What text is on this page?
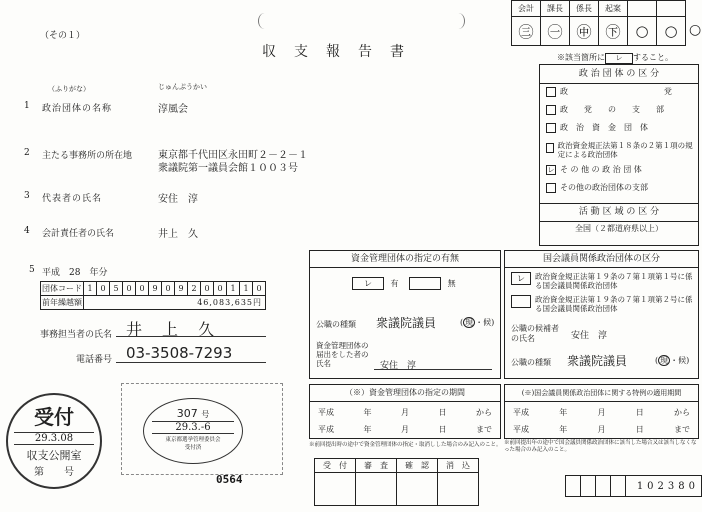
（その１）
収　支　報　告　書
会計	課長	係長	起案		
㊂	㊀	㊥	㊦	○	○ ○
※該当箇所に レ すること。
（ふりがな）	じゅんぷうかい
1 政治団体の名称	淳風会
2 主たる事務所の所在地	東京都千代田区永田町２－２－１
衆議院第一議員会館１００３号
3 代表者の氏名	安住　淳
4 会計責任者の氏名	井上　久
5 平成　28　年分
団体コード	1	0	5	0	0	9	0	9	2	0	0	1	1	0
前年繰越額	46,083,635円													
事務担当者の氏名 井　上　久
電話番号 03-3508-7293
政 治 団 体 の 区 分
政　　　　　　　　　　　　党
政　　党　　の　　支　　部
政　治　資　金　団　体
政治資金規正法第１８条の２第１項の規定による政治団体
レ そ の 他 の 政 治 団 体
その他の政治団体の支部
活 動 区 域 の 区 分
全国（２都道府県以上）
資金管理団体の指定の有無
レ 有	無
公職の種類 衆議院議員	( 現 ・候)
資金管理団体の届出をした者の氏名	安住　淳
（※）資金管理団体の指定の期間
平成	年	月	日	から
平成	年	月	日	まで
※前回提出時の途中で資金管理団体の指定・取消しした場合のみ記入のこと。
国会議員関係政治団体の区分
レ	政治資金規正法第１９条の７第１項第１号に係る国会議員関係政治団体
政治資金規正法第１９条の７第１項第２号に係る国会議員関係政治団体
公職の候補者の氏名	安住　淳
公職の種類 衆議院議員	( 現 ・候)
(※)国会議員関係政治団体に関する特例の適用期間
平成	年	月	日	から
平成	年	月	日	まで
※前回提出年の途中で国会議員関係政治団体に該当した場合又は該当しなくなった場合のみ記入のこと。
受　付	審　査	確　認	消　込

				102380
受付
29.3.08
収支公開室
第　　 号
307 号
29.3.-6
東京都選挙管理委員会
受付済
0564
